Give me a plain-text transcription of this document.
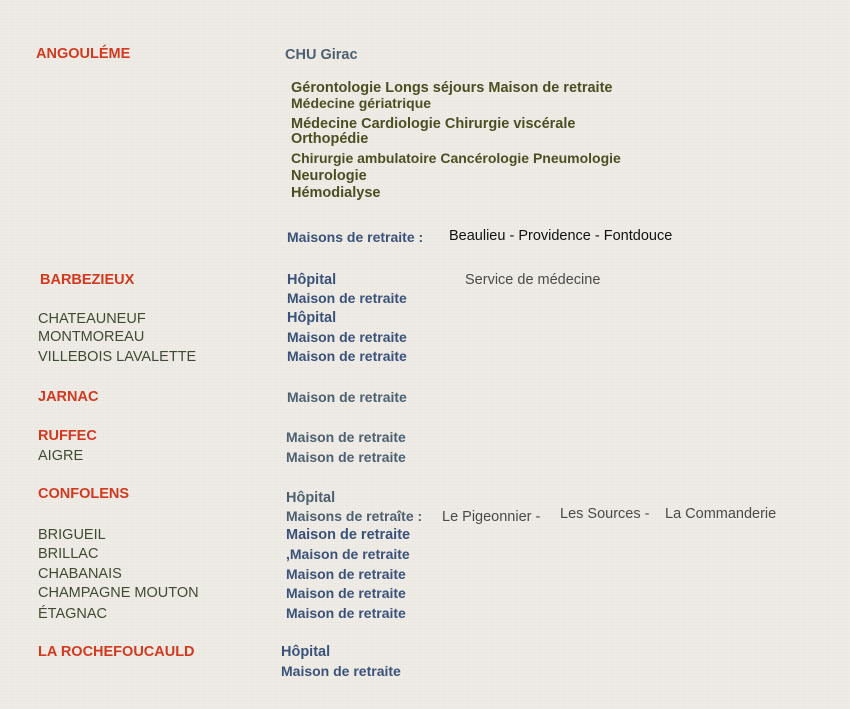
ANGOULÉME	CHU Girac
Gérontologie Longs séjours Maison de retraite
Médecine gériatrique
Médecine Cardiologie Chirurgie viscérale
Orthopédie
Chirurgie ambulatoire Cancérologie Pneumologie
Neurologie
Hémodialyse
Maisons de retraite : Beaulieu - Providence - Fontdouce
BARBEZIEUX	Hôpital	Service de médecine
Maison de retraite
CHATEAUNEUF	Hôpital
MONTMOREAU	Maison de retraite
VILLEBOIS LAVALETTE	Maison de retraite
JARNAC	Maison de retraite
RUFFEC	Maison de retraite
AIGRE	Maison de retraite
CONFOLENS	Hôpital
Maisons de retraîte : Le Pigeonnier - Les Sources - La Commanderie
BRIGUEIL	Maison de retraite
BRILLAC	,Maison de retraite
CHABANAIS	Maison de retraite
CHAMPAGNE MOUTON	Maison de retraite
ÉTAGNAC	Maison de retraite
LA ROCHEFOUCAULD	Hôpital
Maison de retraite
